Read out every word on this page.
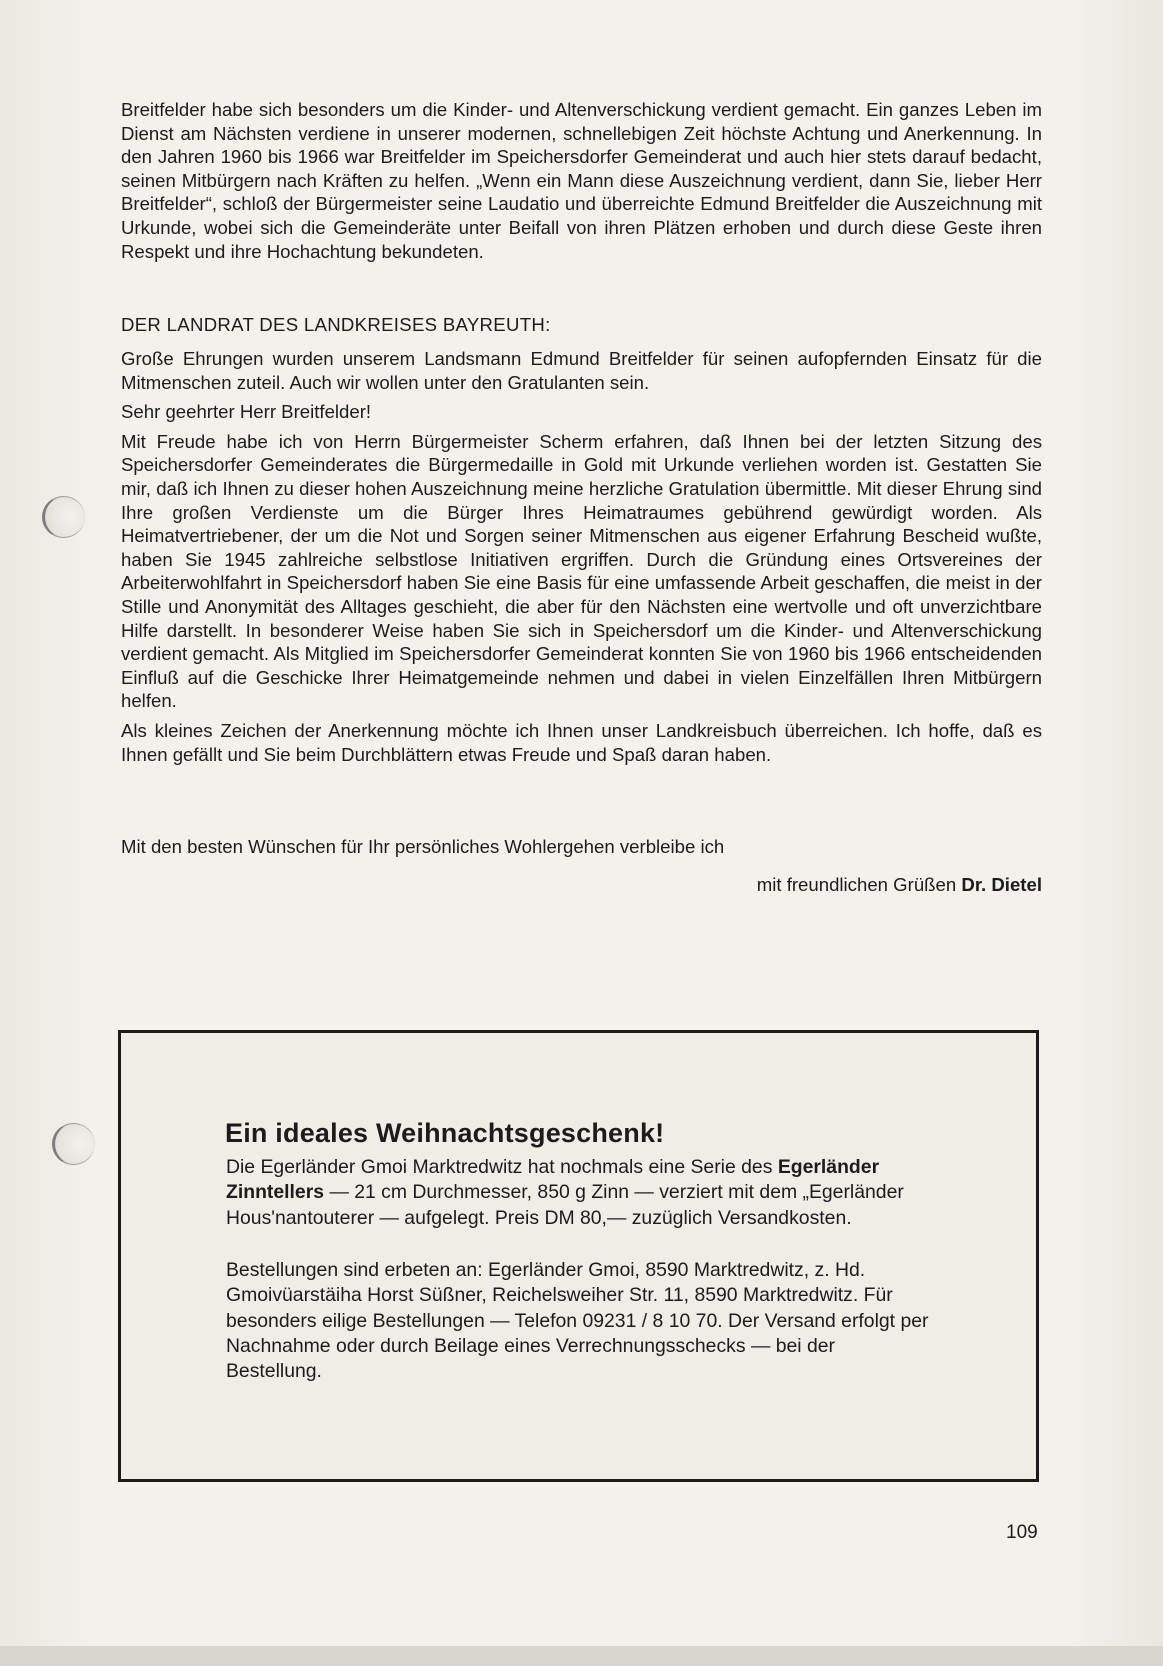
Breitfelder habe sich besonders um die Kinder- und Altenverschickung verdient gemacht. Ein ganzes Leben im Dienst am Nächsten verdiene in unserer modernen, schnellebigen Zeit höchste Achtung und Anerkennung. In den Jahren 1960 bis 1966 war Breitfelder im Speichersdorfer Gemeinderat und auch hier stets darauf bedacht, seinen Mitbürgern nach Kräften zu helfen. „Wenn ein Mann diese Auszeichnung verdient, dann Sie, lieber Herr Breitfelder“, schloß der Bürgermeister seine Laudatio und überreichte Edmund Breitfelder die Auszeichnung mit Urkunde, wobei sich die Gemeinderäte unter Beifall von ihren Plätzen erhoben und durch diese Geste ihren Respekt und ihre Hochachtung bekundeten.

DER LANDRAT DES LANDKREISES BAYREUTH:

Große Ehrungen wurden unserem Landsmann Edmund Breitfelder für seinen aufopfernden Einsatz für die Mitmenschen zuteil. Auch wir wollen unter den Gratulanten sein.

Sehr geehrter Herr Breitfelder!

Mit Freude habe ich von Herrn Bürgermeister Scherm erfahren, daß Ihnen bei der letzten Sitzung des Speichersdorfer Gemeinderates die Bürgermedaille in Gold mit Urkunde verliehen worden ist. Gestatten Sie mir, daß ich Ihnen zu dieser hohen Auszeichnung meine herzliche Gratulation übermittle. Mit dieser Ehrung sind Ihre großen Verdienste um die Bürger Ihres Heimatraumes gebührend gewürdigt worden. Als Heimatvertriebener, der um die Not und Sorgen seiner Mitmenschen aus eigener Erfahrung Bescheid wußte, haben Sie 1945 zahlreiche selbstlose Initiativen ergriffen. Durch die Gründung eines Ortsvereines der Arbeiterwohlfahrt in Speichersdorf haben Sie eine Basis für eine umfassende Arbeit geschaffen, die meist in der Stille und Anonymität des Alltages geschieht, die aber für den Nächsten eine wertvolle und oft unverzichtbare Hilfe darstellt. In besonderer Weise haben Sie sich in Speichersdorf um die Kinder- und Altenverschickung verdient gemacht. Als Mitglied im Speichersdorfer Gemeinderat konnten Sie von 1960 bis 1966 entscheidenden Einfluß auf die Geschicke Ihrer Heimatgemeinde nehmen und dabei in vielen Einzelfällen Ihren Mitbürgern helfen.

Als kleines Zeichen der Anerkennung möchte ich Ihnen unser Landkreisbuch überreichen. Ich hoffe, daß es Ihnen gefällt und Sie beim Durchblättern etwas Freude und Spaß daran haben.

Mit den besten Wünschen für Ihr persönliches Wohlergehen verbleibe ich
mit freundlichen Grüßen Dr. Dietel
Ein ideales Weihnachtsgeschenk!
Die Egerländer Gmoi Marktredwitz hat nochmals eine Serie des Egerländer Zinntellers — 21 cm Durchmesser, 850 g Zinn — verziert mit dem „Egerländer Hous'nantouterer — aufgelegt. Preis DM 80,— zuzüglich Versandkosten.
Bestellungen sind erbeten an: Egerländer Gmoi, 8590 Marktredwitz, z. Hd. Gmoivüarstäiha Horst Süßner, Reichelsweiher Str. 11, 8590 Marktredwitz. Für besonders eilige Bestellungen — Telefon 09231 / 8 10 70. Der Versand erfolgt per Nachnahme oder durch Beilage eines Verrechnungsschecks — bei der Bestellung.
109
